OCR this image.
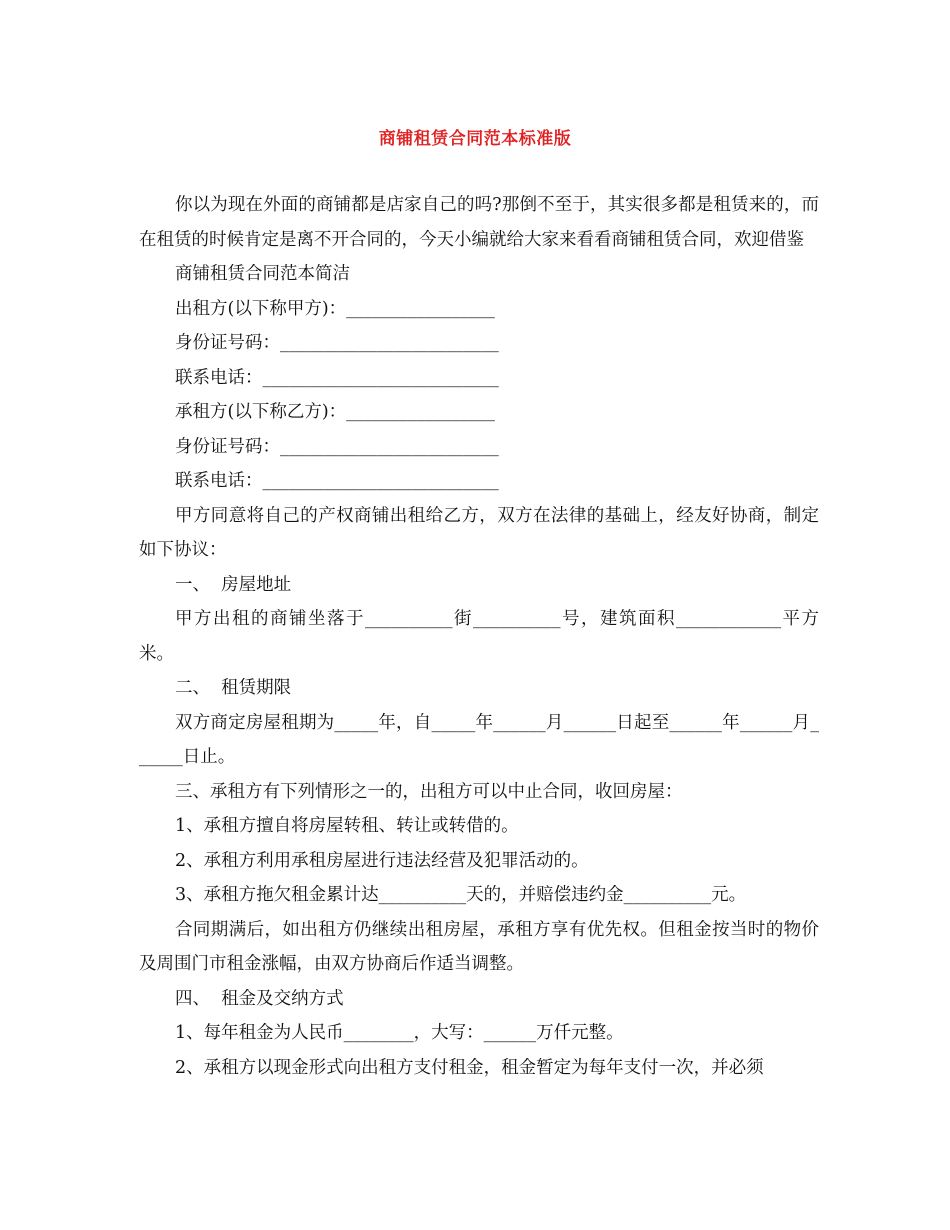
商铺租赁合同范本标准版

你以为现在外面的商铺都是店家自己的吗?那倒不至于，其实很多都是租赁来的，而在租赁的时候肯定是离不开合同的，今天小编就给大家来看看商铺租赁合同，欢迎借鉴

商铺租赁合同范本简洁

出租方(以下称甲方)：_________________

身份证号码：_________________________

联系电话：___________________________

承租方(以下称乙方)：_________________

身份证号码：_________________________

联系电话：___________________________

甲方同意将自己的产权商铺出租给乙方，双方在法律的基础上，经友好协商，制定如下协议：

一、  房屋地址

甲方出租的商铺坐落于__________街__________号，建筑面积____________平方米。

二、  租赁期限

双方商定房屋租期为_____年，自_____年______月______日起至______年______月______日止。

三、承租方有下列情形之一的，出租方可以中止合同，收回房屋：

1、承租方擅自将房屋转租、转让或转借的。

2、承租方利用承租房屋进行违法经营及犯罪活动的。

3、承租方拖欠租金累计达__________天的，并赔偿违约金__________元。

合同期满后，如出租方仍继续出租房屋，承租方享有优先权。但租金按当时的物价及周围门市租金涨幅，由双方协商后作适当调整。

四、  租金及交纳方式

1、每年租金为人民币________，大写：______万仟元整。

2、承租方以现金形式向出租方支付租金，租金暂定为每年支付一次，并必须
